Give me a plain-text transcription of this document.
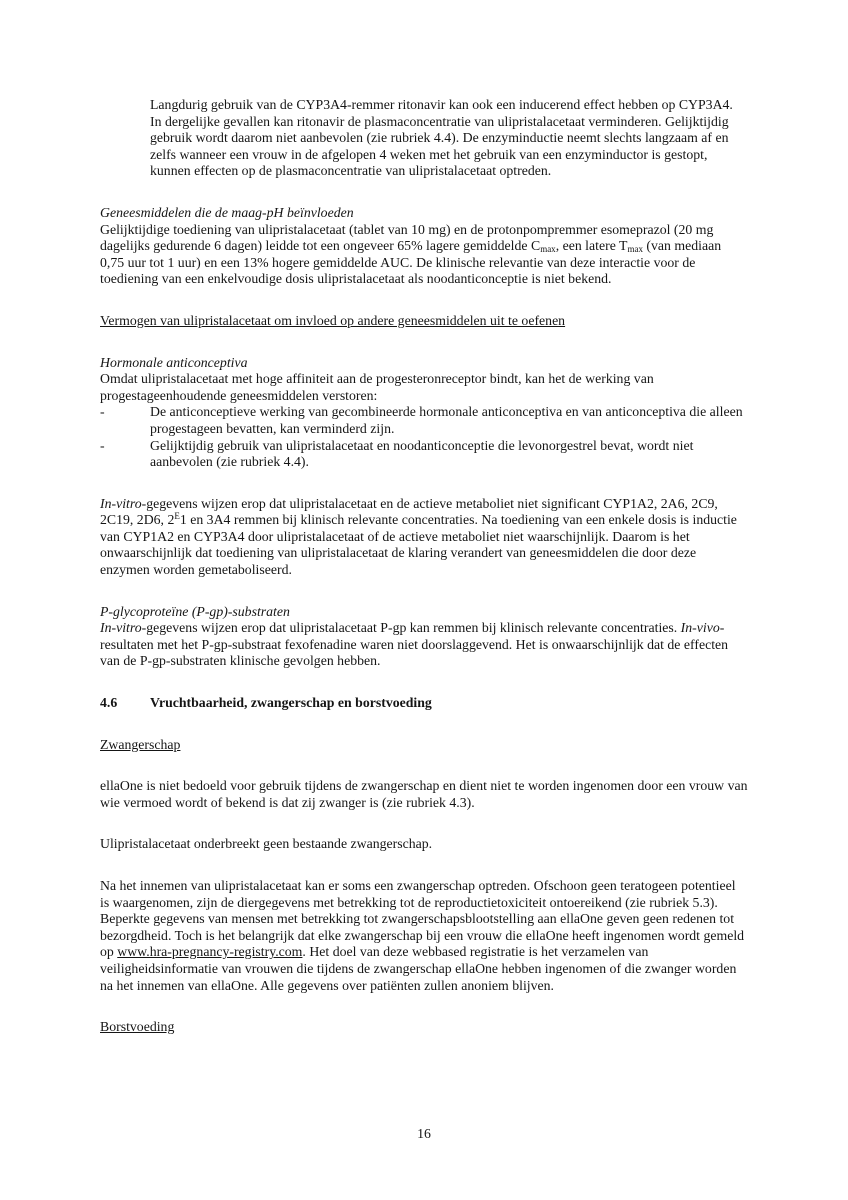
Langdurig gebruik van de CYP3A4-remmer ritonavir kan ook een inducerend effect hebben op CYP3A4. In dergelijke gevallen kan ritonavir de plasmaconcentratie van ulipristalacetaat verminderen. Gelijktijdig gebruik wordt daarom niet aanbevolen (zie rubriek 4.4). De enzyminductie neemt slechts langzaam af en zelfs wanneer een vrouw in de afgelopen 4 weken met het gebruik van een enzyminductor is gestopt, kunnen effecten op de plasmaconcentratie van ulipristalacetaat optreden.

Geneesmiddelen die de maag-pH beïnvloeden

Gelijktijdige toediening van ulipristalacetaat (tablet van 10 mg) en de protonpompremmer esomeprazol (20 mg dagelijks gedurende 6 dagen) leidde tot een ongeveer 65% lagere gemiddelde $C_{max}$, een latere $T_{max}$ (van mediaan 0,75 uur tot 1 uur) en een 13% hogere gemiddelde AUC. De klinische relevantie van deze interactie voor de toediening van een enkelvoudige dosis ulipristalacetaat als noodanticonceptie is niet bekend.

Vermogen van ulipristalacetaat om invloed op andere geneesmiddelen uit te oefenen

Hormonale anticonceptiva

Omdat ulipristalacetaat met hoge affiniteit aan de progesteronreceptor bindt, kan het de werking van progestageenhoudende geneesmiddelen verstoren:

-	De anticonceptieve werking van gecombineerde hormonale anticonceptiva en van anticonceptiva die alleen progestageen bevatten, kan verminderd zijn.
-	Gelijktijdig gebruik van ulipristalacetaat en noodanticonceptie die levonorgestrel bevat, wordt niet aanbevolen (zie rubriek 4.4).

In-vitro-gegevens wijzen erop dat ulipristalacetaat en de actieve metaboliet niet significant CYP1A2, 2A6, 2C9, 2C19, 2D6, $2^E1$ en 3A4 remmen bij klinisch relevante concentraties. Na toediening van een enkele dosis is inductie van CYP1A2 en CYP3A4 door ulipristalacetaat of de actieve metaboliet niet waarschijnlijk. Daarom is het onwaarschijnlijk dat toediening van ulipristalacetaat de klaring verandert van geneesmiddelen die door deze enzymen worden gemetaboliseerd.

P-glycoproteïne (P-gp)-substraten

In-vitro-gegevens wijzen erop dat ulipristalacetaat P-gp kan remmen bij klinisch relevante concentraties. In-vivo-resultaten met het P-gp-substraat fexofenadine waren niet doorslaggevend. Het is onwaarschijnlijk dat de effecten van de P-gp-substraten klinische gevolgen hebben.

4.6 Vruchtbaarheid, zwangerschap en borstvoeding

Zwangerschap

ellaOne is niet bedoeld voor gebruik tijdens de zwangerschap en dient niet te worden ingenomen door een vrouw van wie vermoed wordt of bekend is dat zij zwanger is (zie rubriek 4.3).

Ulipristalacetaat onderbreekt geen bestaande zwangerschap.

Na het innemen van ulipristalacetaat kan er soms een zwangerschap optreden. Ofschoon geen teratogeen potentieel is waargenomen, zijn de diergegevens met betrekking tot de reproductietoxiciteit ontoereikend (zie rubriek 5.3). Beperkte gegevens van mensen met betrekking tot zwangerschapsblootstelling aan ellaOne geven geen redenen tot bezorgdheid. Toch is het belangrijk dat elke zwangerschap bij een vrouw die ellaOne heeft ingenomen wordt gemeld op www.hra-pregnancy-registry.com. Het doel van deze webbased registratie is het verzamelen van veiligheidsinformatie van vrouwen die tijdens de zwangerschap ellaOne hebben ingenomen of die zwanger worden na het innemen van ellaOne. Alle gegevens over patiënten zullen anoniem blijven.

Borstvoeding

16
